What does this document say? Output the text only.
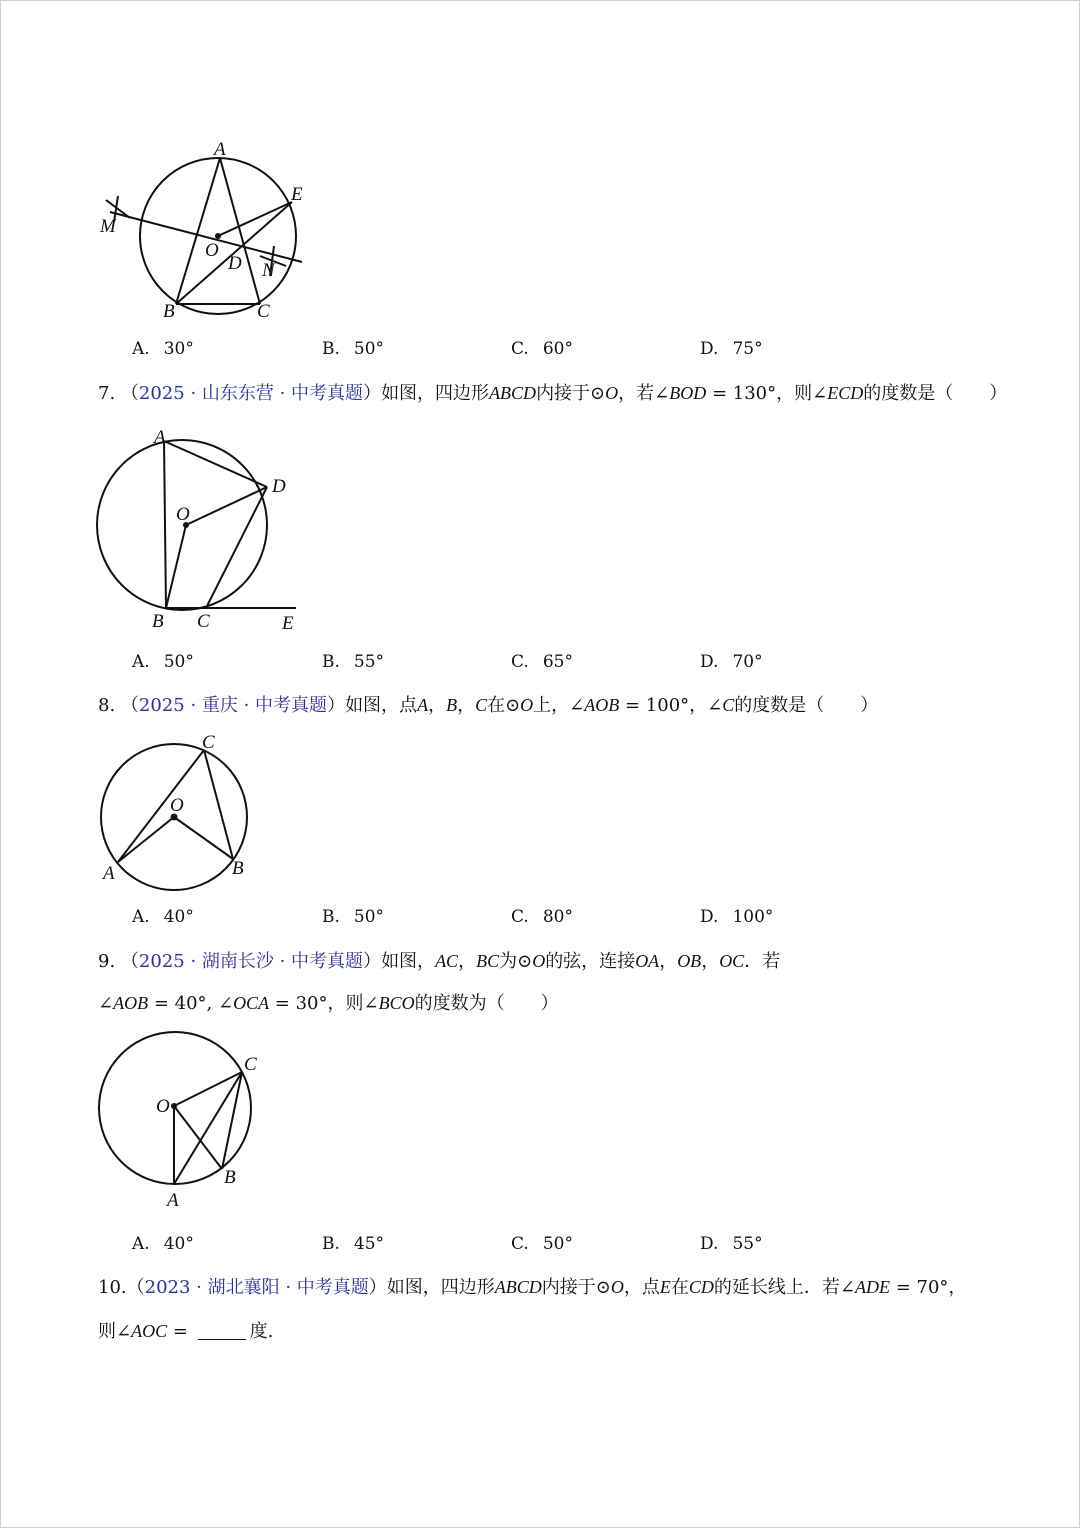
A
E
M
O
D N
B	C
A. 30°	B. 50°	C. 60°	D. 75°
7. （2025 · 山东东营 · 中考真题）如图，四边形ABCD内接于⊙O，若∠BOD = 130°，则∠ECD的度数是（　　）
A
D
O
B C	E
A. 50°	B. 55°	C. 65°	D. 70°
8. （2025 · 重庆 · 中考真题）如图，点A，B，C在⊙O上，∠AOB = 100°，∠C的度数是（　　）
C
O
A	B
A. 40°	B. 50°	C. 80°	D. 100°
9. （2025 · 湖南长沙 · 中考真题）如图，AC，BC为⊙O的弦，连接OA，OB，OC．若
∠AOB = 40°, ∠OCA = 30°，则∠BCO的度数为（　　）
C
O
B
A
A. 40°	B. 45°	C. 50°	D. 55°
10.（2023 · 湖北襄阳 · 中考真题）如图，四边形ABCD内接于⊙O，点E在CD的延长线上．若∠ADE = 70°，
则∠AOC =	度.
